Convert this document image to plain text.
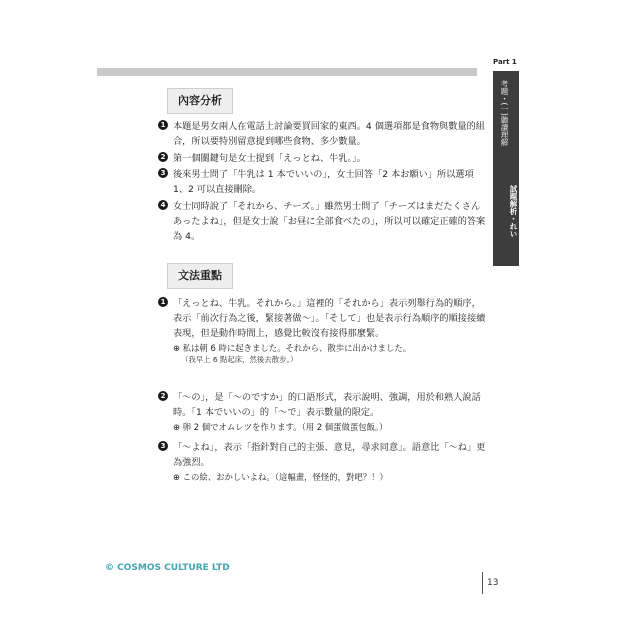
Part 1
考題・(一)聽讀理解
試題解析・れい
內容分析
1 本題是男女兩人在電話上討論要買回家的東西。4 個選項都是食物與數量的組合，所以要特別留意提到哪些食物、多少數量。
2 第一個關鍵句是女士提到「えっとね、牛乳。」。
3 後來男士問了「牛乳は 1 本でいいの」，女士回答「2 本お願い」所以選項 1、2 可以直接刪除。
4 女士同時說了「それから、チーズ。」雖然男士問了「チーズはまだたくさんあったよね」，但是女士說「お昼に全部食べたの」，所以可以確定正確的答案為 4。
文法重點
1 「えっとね、牛乳。それから。」這裡的「それから」表示列舉行為的順序，表示「前次行為之後，緊接著做～」。「そして」也是表示行為順序的順接接續表現，但是動作時間上，感覺比較沒有接得那麼緊。
⊕ 私は朝 6 時に起きました。それから、散歩に出かけました。
（我早上 6 點起床，然後去散步。）
2 「～の」，是「～のですか」的口語形式，表示說明、強調，用於和熟人說話時。「1 本でいいの」的「～で」表示數量的限定。
⊕ 卵 2 個でオムレツを作ります。（用 2 個蛋做蛋包飯。）
3 「～よね」，表示「指針對自己的主張、意見，尋求同意」。語意比「～ね」更為強烈。
⊕ この絵、おかしいよね。（這幅畫，怪怪的，對吧？！）
© COSMOS CULTURE LTD
13
